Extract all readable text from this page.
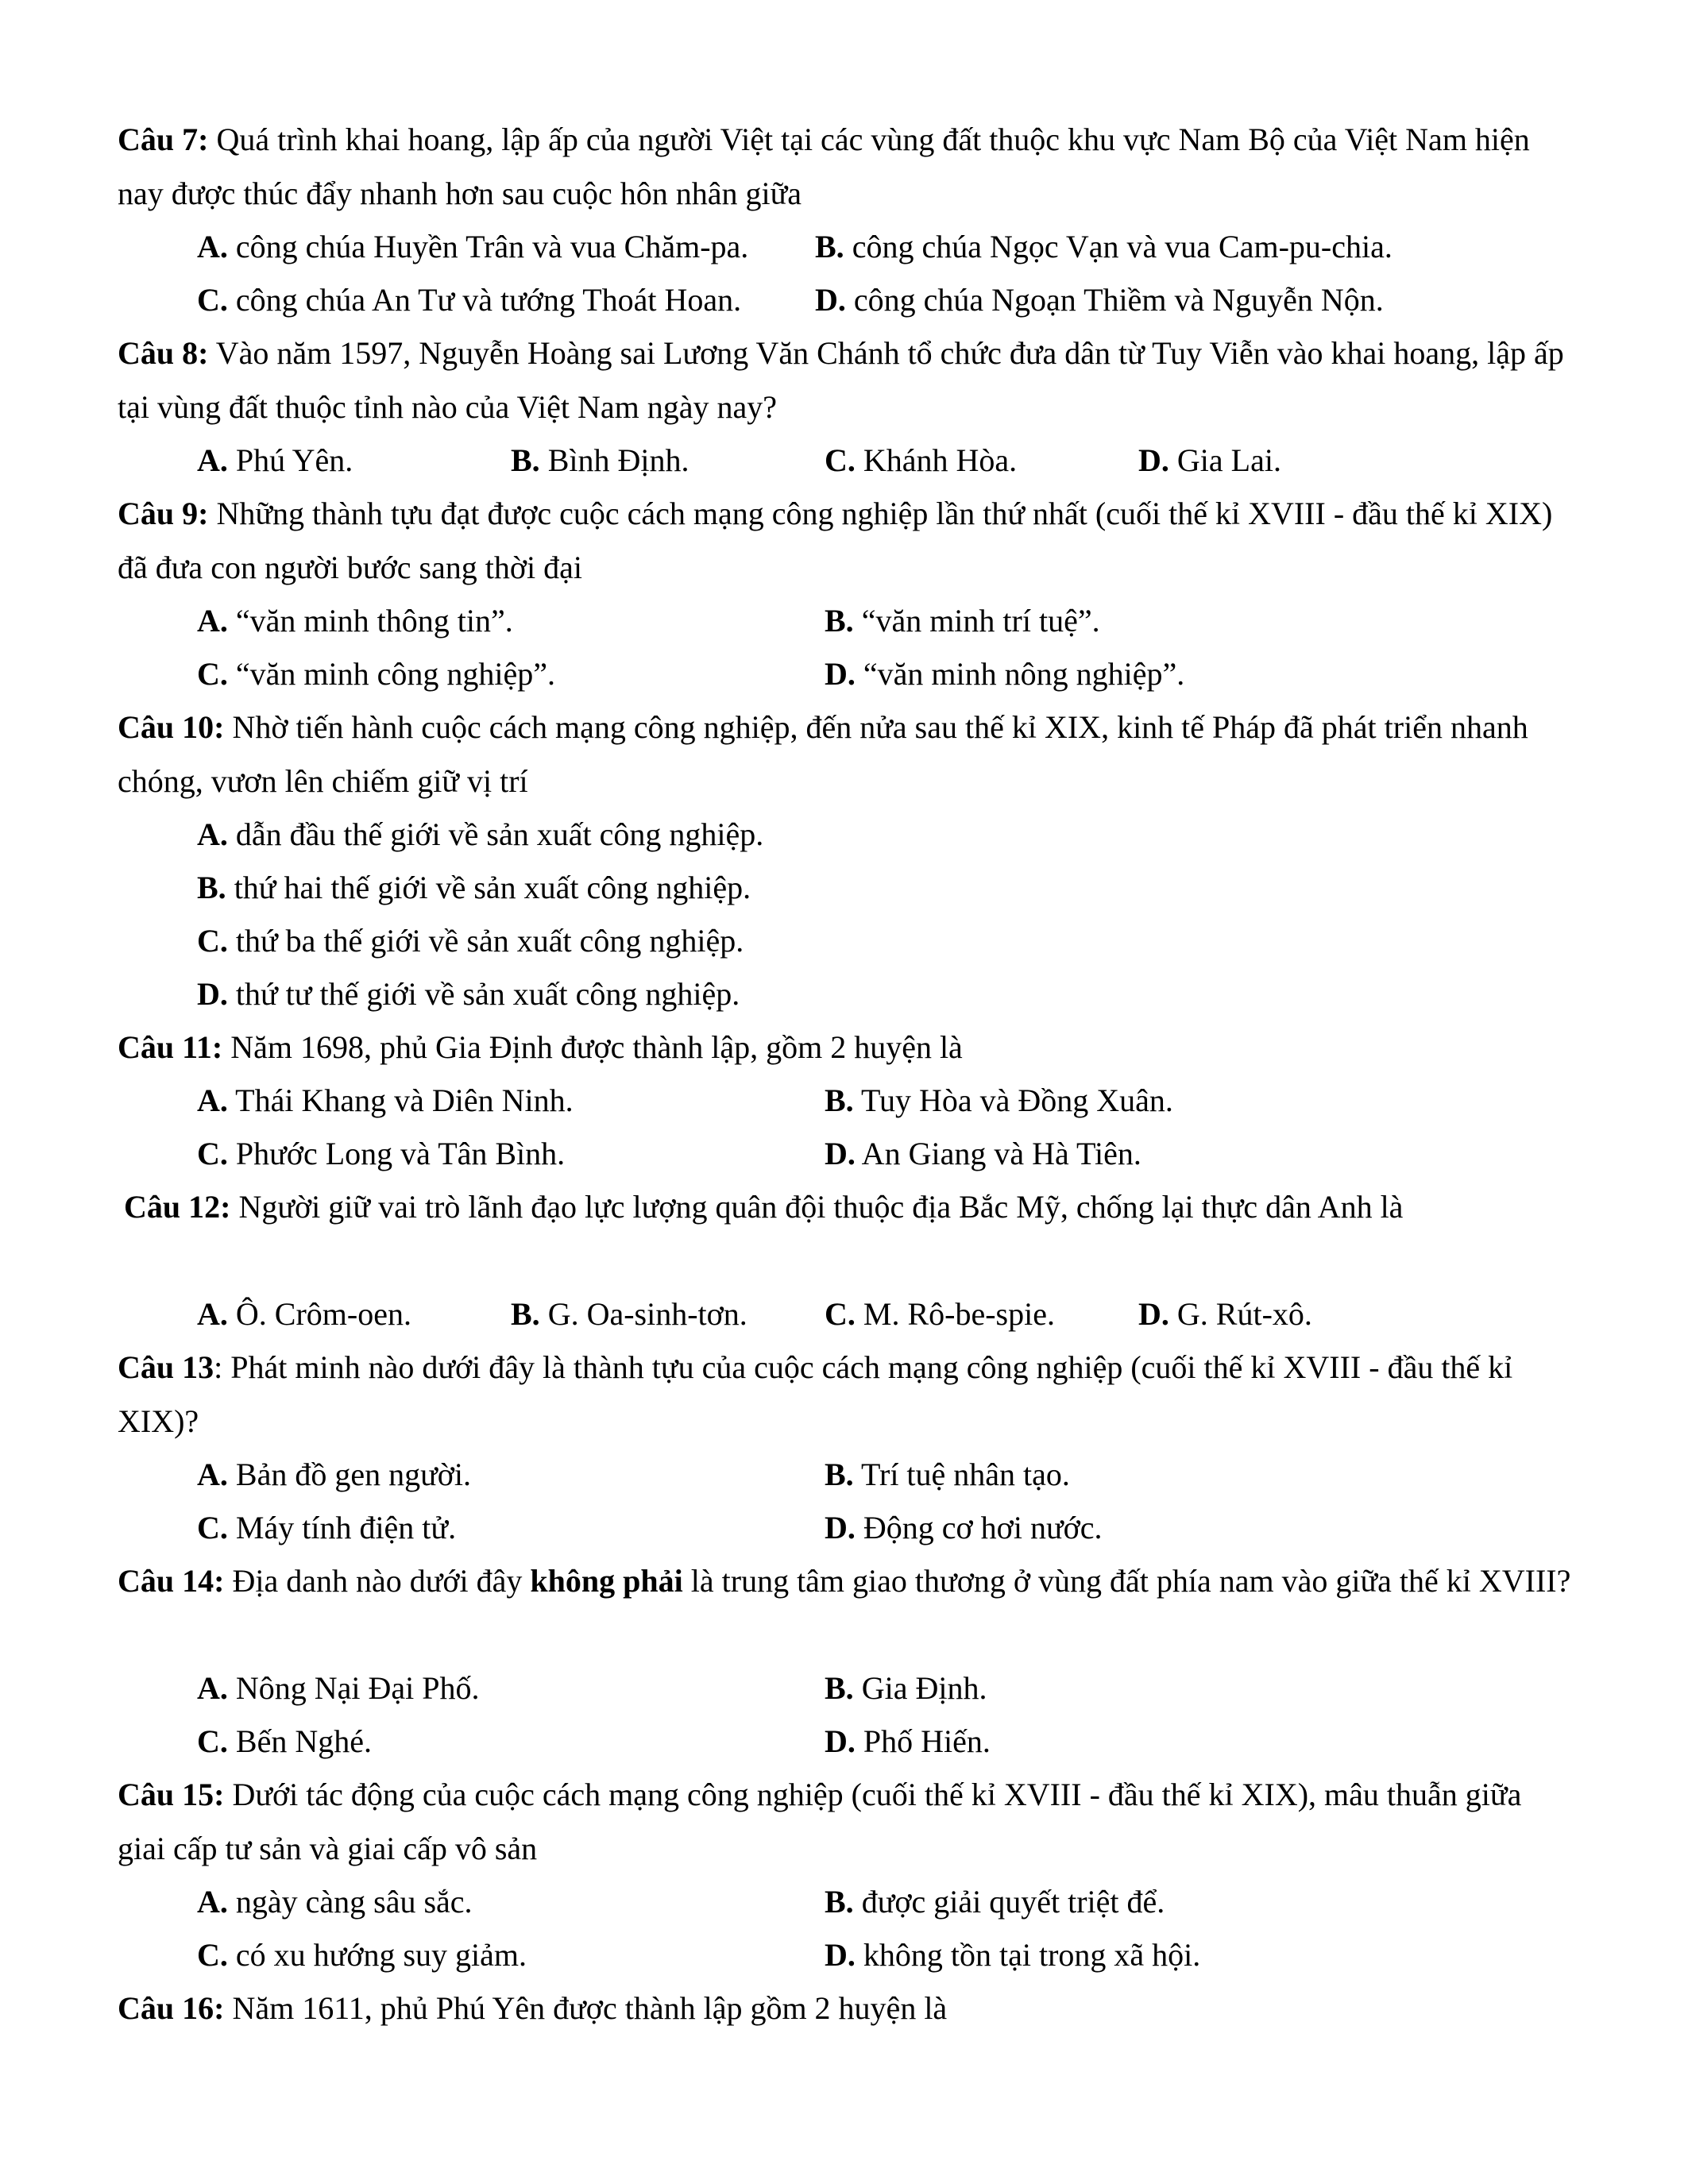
Câu 7: Quá trình khai hoang, lập ấp của người Việt tại các vùng đất thuộc khu vực Nam Bộ của Việt Nam hiện nay được thúc đẩy nhanh hơn sau cuộc hôn nhân giữa

A. công chúa Huyền Trân và vua Chăm-pa. B. công chúa Ngọc Vạn và vua Cam-pu-chia.
C. công chúa An Tư và tướng Thoát Hoan. D. công chúa Ngoạn Thiềm và Nguyễn Nộn.

Câu 8: Vào năm 1597, Nguyễn Hoàng sai Lương Văn Chánh tổ chức đưa dân từ Tuy Viễn vào khai hoang, lập ấp tại vùng đất thuộc tỉnh nào của Việt Nam ngày nay?

A. Phú Yên.	B. Bình Định.	C. Khánh Hòa.	D. Gia Lai.

Câu 9: Những thành tựu đạt được cuộc cách mạng công nghiệp lần thứ nhất (cuối thế kỉ XVIII - đầu thế kỉ XIX) đã đưa con người bước sang thời đại

A. “văn minh thông tin”.	B. “văn minh trí tuệ”.
C. “văn minh công nghiệp”.	D. “văn minh nông nghiệp”.

Câu 10: Nhờ tiến hành cuộc cách mạng công nghiệp, đến nửa sau thế kỉ XIX, kinh tế Pháp đã phát triển nhanh chóng, vươn lên chiếm giữ vị trí

A. dẫn đầu thế giới về sản xuất công nghiệp.
B. thứ hai thế giới về sản xuất công nghiệp.
C. thứ ba thế giới về sản xuất công nghiệp.
D. thứ tư thế giới về sản xuất công nghiệp.

Câu 11: Năm 1698, phủ Gia Định được thành lập, gồm 2 huyện là

A. Thái Khang và Diên Ninh.	B. Tuy Hòa và Đồng Xuân.
C. Phước Long và Tân Bình.	D. An Giang và Hà Tiên.

Câu 12: Người giữ vai trò lãnh đạo lực lượng quân đội thuộc địa Bắc Mỹ, chống lại thực dân Anh là

A. Ô. Crôm-oen.	B. G. Oa-sinh-tơn. C. M. Rô-be-spie.	D. G. Rút-xô.

Câu 13: Phát minh nào dưới đây là thành tựu của cuộc cách mạng công nghiệp (cuối thế kỉ XVIII - đầu thế kỉ XIX)?

A. Bản đồ gen người.	B. Trí tuệ nhân tạo.
C. Máy tính điện tử.	D. Động cơ hơi nước.

Câu 14: Địa danh nào dưới đây không phải là trung tâm giao thương ở vùng đất phía nam vào giữa thế kỉ XVIII?

A. Nông Nại Đại Phố.	B. Gia Định.
C. Bến Nghé.	D. Phố Hiến.

Câu 15: Dưới tác động của cuộc cách mạng công nghiệp (cuối thế kỉ XVIII - đầu thế kỉ XIX), mâu thuẫn giữa giai cấp tư sản và giai cấp vô sản

A. ngày càng sâu sắc.	B. được giải quyết triệt để.
C. có xu hướng suy giảm.	D. không tồn tại trong xã hội.

Câu 16: Năm 1611, phủ Phú Yên được thành lập gồm 2 huyện là
